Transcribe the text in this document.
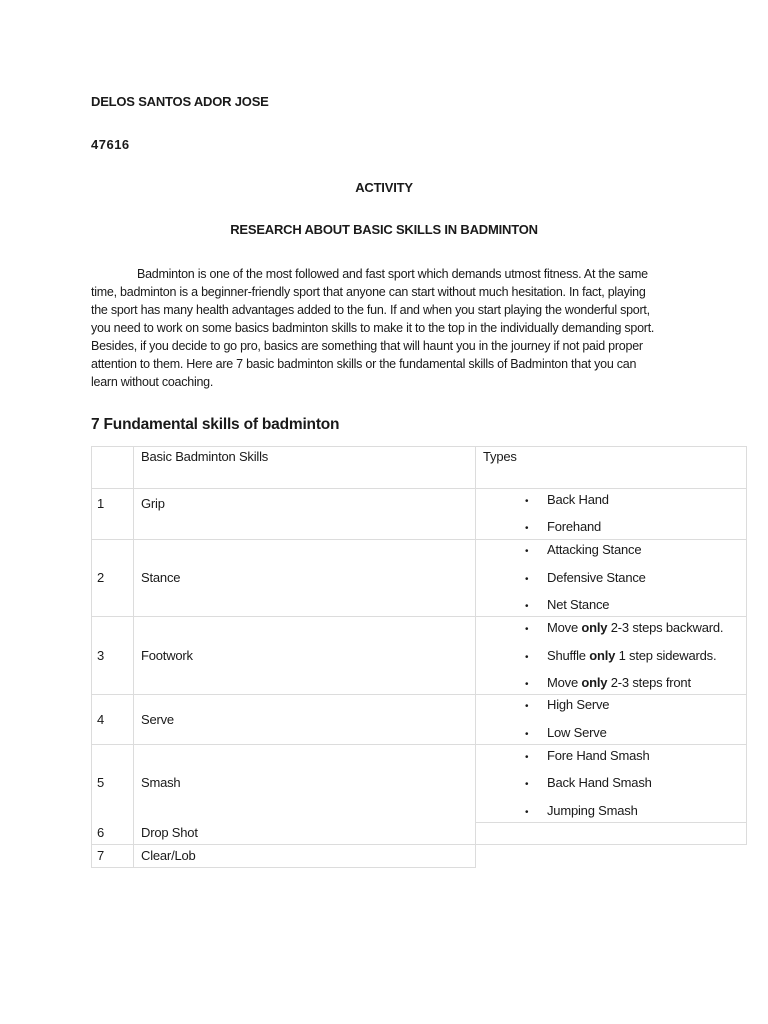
DELOS SANTOS ADOR JOSE
47616
ACTIVITY
RESEARCH ABOUT BASIC SKILLS IN BADMINTON

Badminton is one of the most followed and fast sport which demands utmost fitness. At the same
time, badminton is a beginner-friendly sport that anyone can start without much hesitation. In fact, playing
the sport has many health advantages added to the fun. If and when you start playing the wonderful sport,
you need to work on some basics badminton skills to make it to the top in the individually demanding sport.
Besides, if you decide to go pro, basics are something that will haunt you in the journey if not paid proper
attention to them. Here are 7 basic badminton skills or the fundamental skills of Badminton that you can
learn without coaching.

7 Fundamental skills of badminton
Basic Badminton Skills	Types
1	Grip	• Back Hand
• Forehand
2	Stance
• Attacking Stance
• Defensive Stance
• Net Stance
3	Footwork
• Move only 2-3 steps backward.
• Shuffle only 1 step sidewards.
• Move only 2-3 steps front
4	Serve
• High Serve
• Low Serve
5	Smash
• Fore Hand Smash
• Back Hand Smash
• Jumping Smash
6	Drop Shot
7	Clear/Lob
